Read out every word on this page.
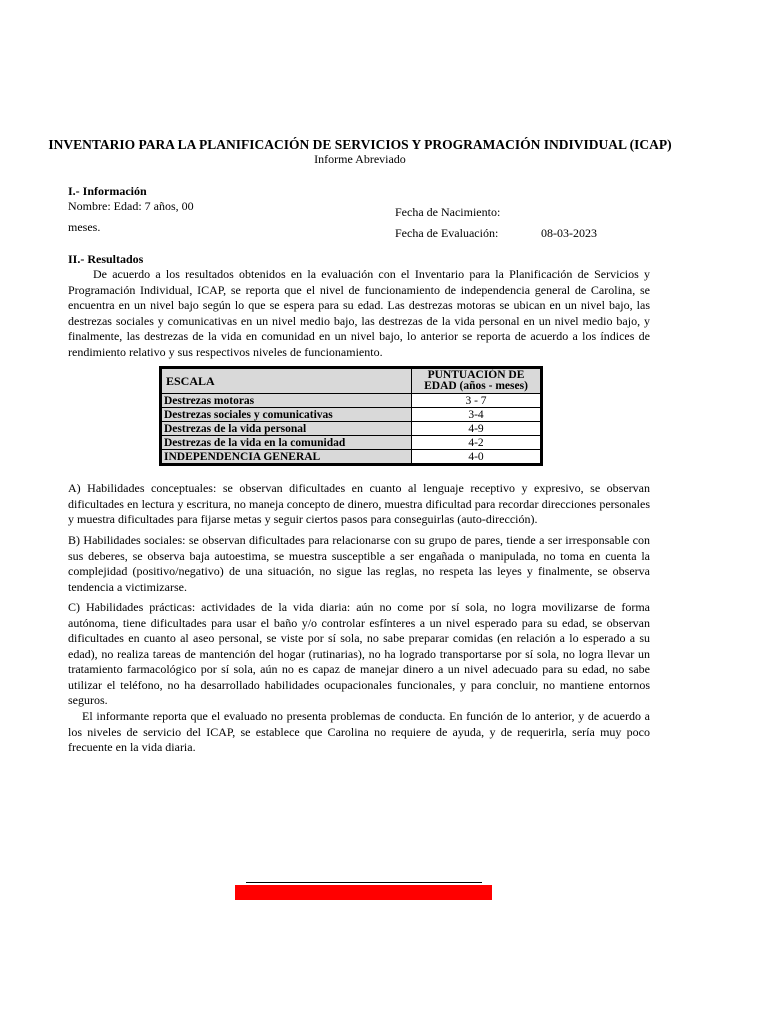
INVENTARIO PARA LA PLANIFICACIÓN DE SERVICIOS Y PROGRAMACIÓN INDIVIDUAL (ICAP)
Informe Abreviado
I.- Información
Nombre: Edad: 7 años, 00
meses.
Fecha de Nacimiento:
Fecha de Evaluación:	08-03-2023
II.- Resultados

De acuerdo a los resultados obtenidos en la evaluación con el Inventario para la Planificación de Servicios y Programación Individual, ICAP, se reporta que el nivel de funcionamiento de independencia general de Carolina, se encuentra en un nivel bajo según lo que se espera para su edad. Las destrezas motoras se ubican en un nivel bajo, las destrezas sociales y comunicativas en un nivel medio bajo, las destrezas de la vida personal en un nivel medio bajo, y finalmente, las destrezas de la vida en comunidad en un nivel bajo, lo anterior se reporta de acuerdo a los índices de rendimiento relativo y sus respectivos niveles de funcionamiento.

ESCALA	PUNTUACIÓN DE
EDAD (años - meses)

Destrezas motoras	3 - 7
Destrezas sociales y comunicativas	3-4
Destrezas de la vida personal	4-9
Destrezas de la vida en la comunidad	4-2
INDEPENDENCIA GENERAL	4-0

A) Habilidades conceptuales: se observan dificultades en cuanto al lenguaje receptivo y expresivo, se observan dificultades en lectura y escritura, no maneja concepto de dinero, muestra dificultad para recordar direcciones personales y muestra dificultades para fijarse metas y seguir ciertos pasos para conseguirlas (auto-dirección).

B) Habilidades sociales: se observan dificultades para relacionarse con su grupo de pares, tiende a ser irresponsable con sus deberes, se observa baja autoestima, se muestra susceptible a ser engañada o manipulada, no toma en cuenta la complejidad (positivo/negativo) de una situación, no sigue las reglas, no respeta las leyes y finalmente, se observa tendencia a victimizarse.

C) Habilidades prácticas: actividades de la vida diaria: aún no come por sí sola, no logra movilizarse de forma autónoma, tiene dificultades para usar el baño y/o controlar esfínteres a un nivel esperado para su edad, se observan dificultades en cuanto al aseo personal, se viste por sí sola, no sabe preparar comidas (en relación a lo esperado a su edad), no realiza tareas de mantención del hogar (rutinarias), no ha logrado transportarse por sí sola, no logra llevar un tratamiento farmacológico por sí sola, aún no es capaz de manejar dinero a un nivel adecuado para su edad, no sabe utilizar el teléfono, no ha desarrollado habilidades ocupacionales funcionales, y para concluir, no mantiene entornos seguros.

El informante reporta que el evaluado no presenta problemas de conducta. En función de lo anterior, y de acuerdo a los niveles de servicio del ICAP, se establece que Carolina no requiere de ayuda, y de requerirla, sería muy poco frecuente en la vida diaria.
